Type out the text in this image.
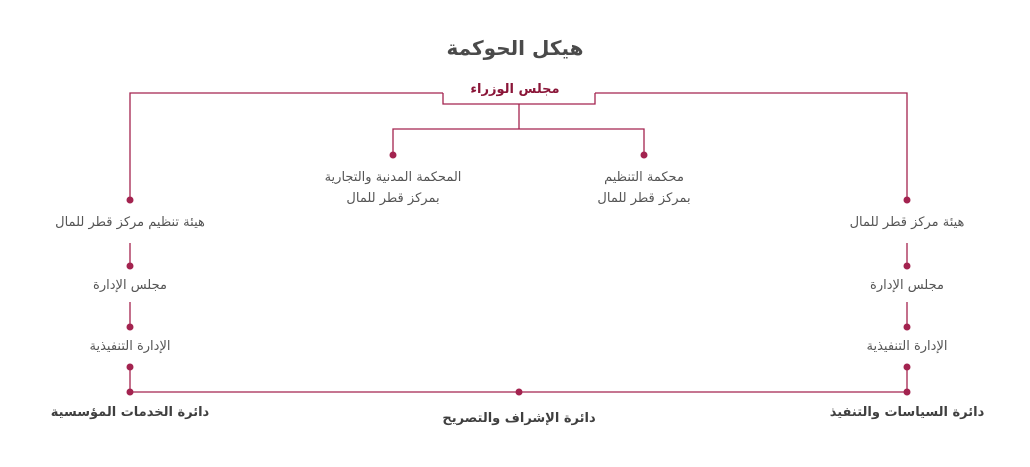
هيكل الحوكمة
مجلس الوزراء
محكمة التنظيم
بمركز قطر للمال
المحكمة المدنية والتجارية
بمركز قطر للمال
هيئة مركز قطر للمال
مجلس الإدارة
الإدارة التنفيذية
هيئة تنظيم مركز قطر للمال
مجلس الإدارة
الإدارة التنفيذية
دائرة السياسات والتنفيذ
دائرة الإشراف والتصريح
دائرة الخدمات المؤسسية
